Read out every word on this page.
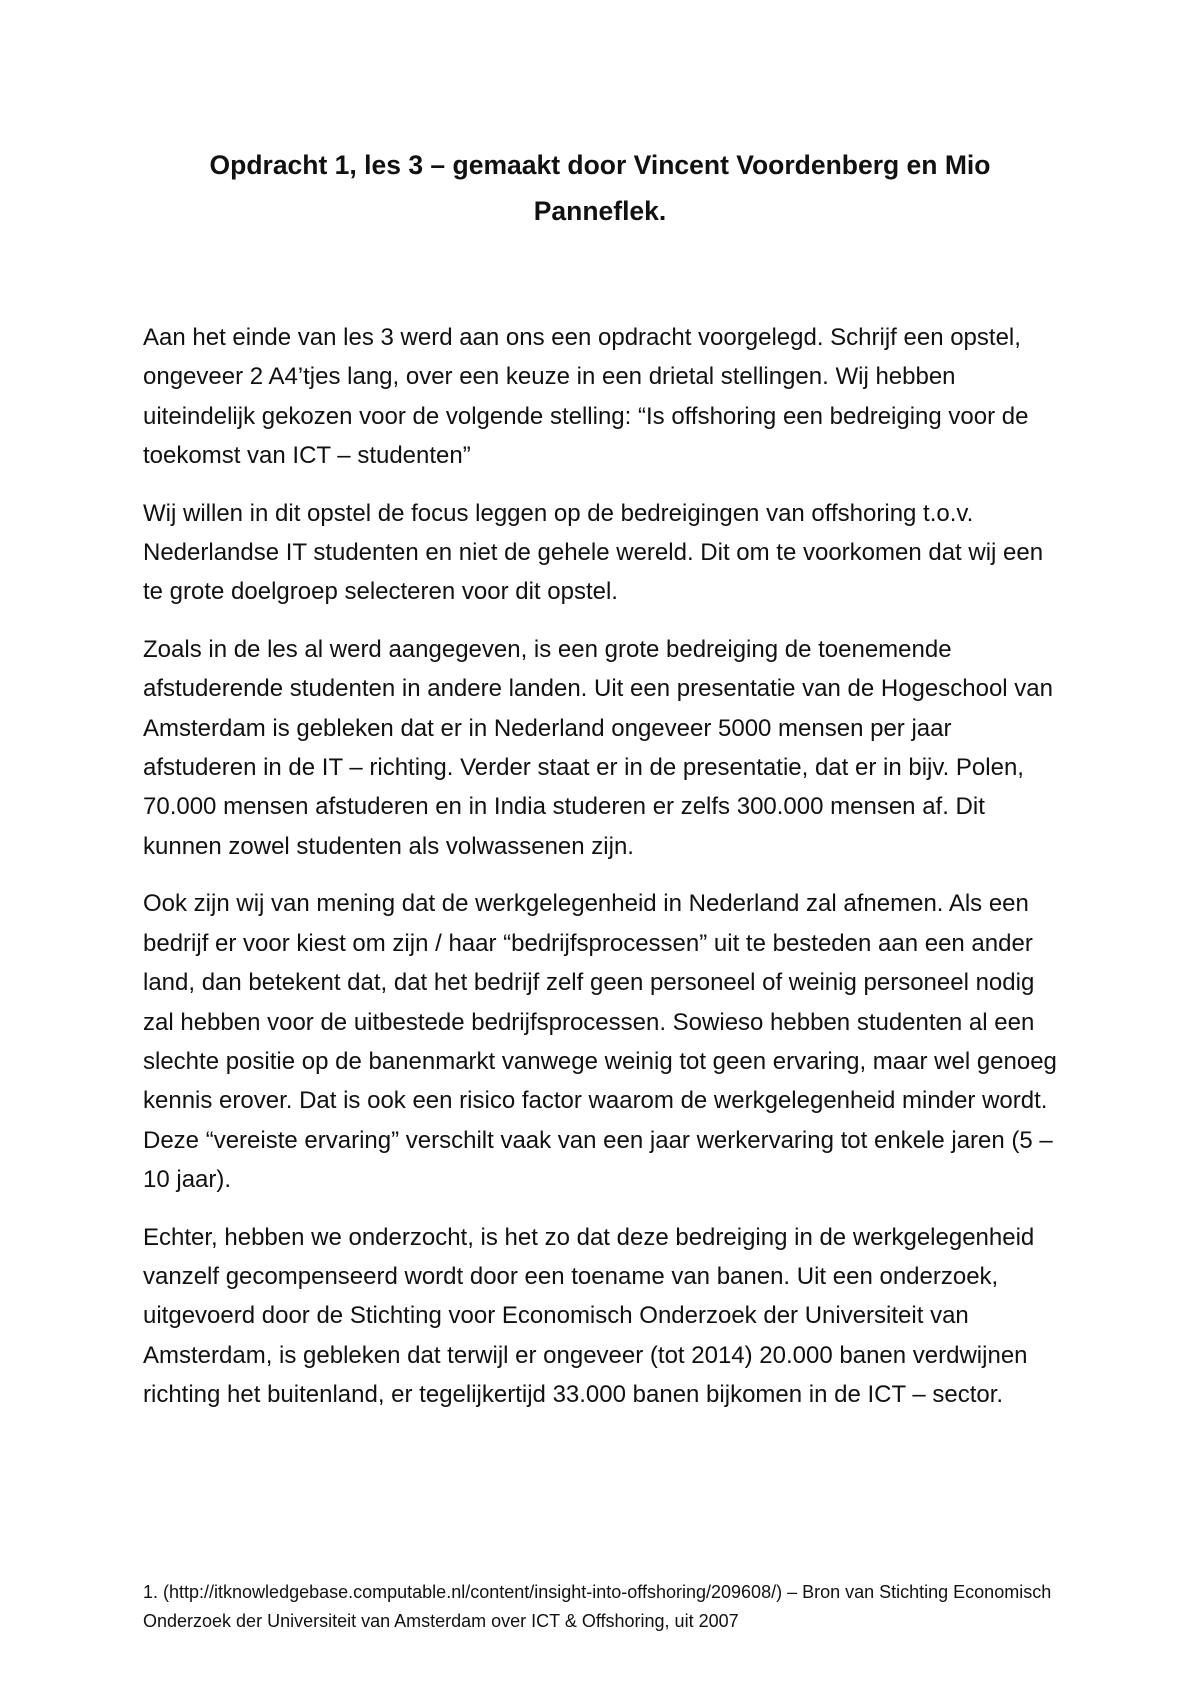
Opdracht 1, les 3 – gemaakt door Vincent Voordenberg en Mio Panneflek.

Aan het einde van les 3 werd aan ons een opdracht voorgelegd. Schrijf een opstel, ongeveer 2 A4’tjes lang, over een keuze in een drietal stellingen. Wij hebben uiteindelijk gekozen voor de volgende stelling: “Is offshoring een bedreiging voor de toekomst van ICT – studenten”

Wij willen in dit opstel de focus leggen op de bedreigingen van offshoring t.o.v. Nederlandse IT studenten en niet de gehele wereld. Dit om te voorkomen dat wij een te grote doelgroep selecteren voor dit opstel.

Zoals in de les al werd aangegeven, is een grote bedreiging de toenemende afstuderende studenten in andere landen. Uit een presentatie van de Hogeschool van Amsterdam is gebleken dat er in Nederland ongeveer 5000 mensen per jaar afstuderen in de IT – richting. Verder staat er in de presentatie, dat er in bijv. Polen, 70.000 mensen afstuderen en in India studeren er zelfs 300.000 mensen af. Dit kunnen zowel studenten als volwassenen zijn.

Ook zijn wij van mening dat de werkgelegenheid in Nederland zal afnemen. Als een bedrijf er voor kiest om zijn / haar “bedrijfsprocessen” uit te besteden aan een ander land, dan betekent dat, dat het bedrijf zelf geen personeel of weinig personeel nodig zal hebben voor de uitbestede bedrijfsprocessen. Sowieso hebben studenten al een slechte positie op de banenmarkt vanwege weinig tot geen ervaring, maar wel genoeg kennis erover. Dat is ook een risico factor waarom de werkgelegenheid minder wordt. Deze “vereiste ervaring” verschilt vaak van een jaar werkervaring tot enkele jaren (5 – 10 jaar).

Echter, hebben we onderzocht, is het zo dat deze bedreiging in de werkgelegenheid vanzelf gecompenseerd wordt door een toename van banen. Uit een onderzoek, uitgevoerd door de Stichting voor Economisch Onderzoek der Universiteit van Amsterdam, is gebleken dat terwijl er ongeveer (tot 2014) 20.000 banen verdwijnen richting het buitenland, er tegelijkertijd 33.000 banen bijkomen in de ICT – sector.

1. (http://itknowledgebase.computable.nl/content/insight-into-offshoring/209608/) – Bron van Stichting Economisch Onderzoek der Universiteit van Amsterdam over ICT & Offshoring, uit 2007
